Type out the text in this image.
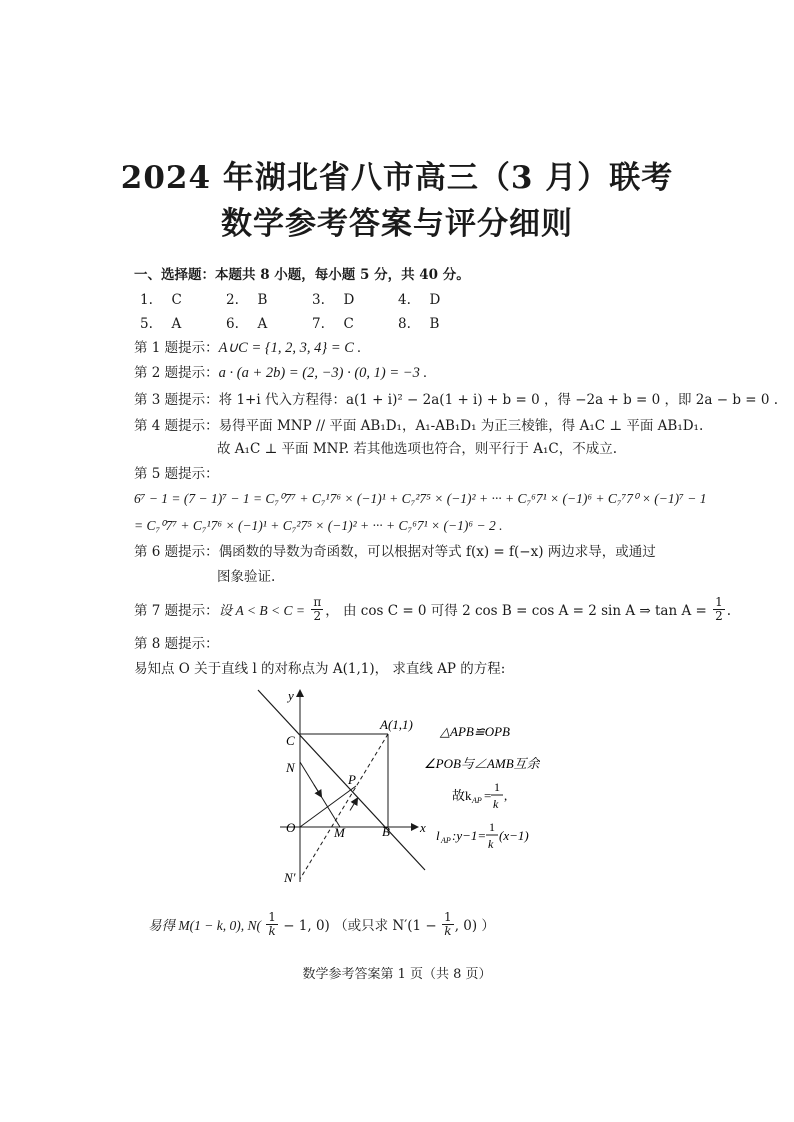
2024 年湖北省八市高三（3 月）联考
数学参考答案与评分细则
一、选择题：本题共 8 小题，每小题 5 分，共 40 分。
1. C	2. B	3. D	4. D
5. A	6. A	7. C	8. B
第 1 题提示：A∪C = {1, 2, 3, 4} = C .
第 2 题提示：a · (a + 2b) = (2, −3) · (0, 1) = −3 .
第 3 题提示：将 1+i 代入方程得：a(1 + i)² − 2a(1 + i) + b = 0 ，得 −2a + b = 0 ，即 2a − b = 0 .
第 4 题提示：易得平面 MNP // 平面 AB₁D₁，A₁-AB₁D₁ 为正三棱锥，得 A₁C ⊥ 平面 AB₁D₁.
故 A₁C ⊥ 平面 MNP. 若其他选项也符合，则平行于 A₁C，不成立.
第 5 题提示：
6⁷ − 1 = (7 − 1)⁷ − 1 = C₇⁰7⁷ + C₇¹7⁶ × (−1)¹ + C₇²7⁵ × (−1)² + ··· + C₇⁶7¹ × (−1)⁶ + C₇⁷7⁰ × (−1)⁷ − 1
= C₇⁰7⁷ + C₇¹7⁶ × (−1)¹ + C₇²7⁵ × (−1)² + ··· + C₇⁶7¹ × (−1)⁶ − 2 .
第 6 题提示：偶函数的导数为奇函数，可以根据对等式 f(x) = f(−x) 两边求导，或通过
图象验证.
第 7 题提示：设 $A < B < C = \frac{\pi}{2}$ ， 由 cos C = 0 可得 2 cos B = cos A = 2 sin A ⇒ $\tan A = \frac{1}{2}$ .
第 8 题提示：
易知点 O 关于直线 l 的对称点为 A(1,1)， 求直线 AP 的方程:
y
x
O	M	B
C
N
N′
P
A(1,1) △APB≌OPB
∠POB与∠AMB互余
故k AP =
1
k
,
l AP :y−1=
1
k
(x−1)
易得 M(1 − k, 0), $N( \frac{1}{k} - 1$, 0) （或只求 $N'(1 - \frac{1}{k}$ , 0) ）
数学参考答案第 1 页（共 8 页）
